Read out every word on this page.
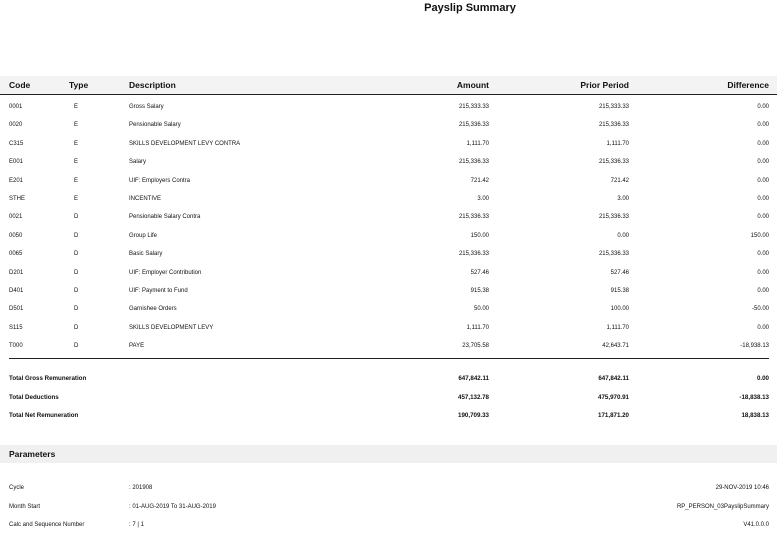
Payslip Summary
Code	Type	Description	Amount	Prior Period	Difference
0001	E	Gross Salary	215,333.33	215,333.33	0.00
0020	E	Pensionable Salary	215,336.33	215,336.33	0.00
C315	E	SKILLS DEVELOPMENT LEVY CONTRA	1,111.70	1,111.70	0.00
E001	E	Salary	215,336.33	215,336.33	0.00
E201	E	UIF: Employers Contra	721.42	721.42	0.00
STHE	E	INCENTIVE	3.00	3.00	0.00
0021	D	Pensionable Salary Contra	215,336.33	215,336.33	0.00
0050	D	Group Life	150.00	0.00	150.00
0065	D	Basic Salary	215,336.33	215,336.33	0.00
D201	D	UIF: Employer Contribution	527.46	527.46	0.00
D401	D	UIF: Payment to Fund	915.38	915.38	0.00
D501	D	Garnishee Orders	50.00	100.00	-50.00
S115	D	SKILLS DEVELOPMENT LEVY	1,111.70	1,111.70	0.00
T000	D	PAYE	23,705.58	42,643.71	-18,938.13
Total Gross Remuneration	647,842.11	647,842.11	0.00
Total Deductions	457,132.78	475,970.91	-18,838.13
Total Net Remuneration	190,709.33	171,871.20	18,838.13
Parameters
Cycle	: 201908	29-NOV-2019 10:46
Month Start	: 01-AUG-2019 To 31-AUG-2019	RP_PERSON_03PayslipSummary
Calc and Sequence Number	: 7 | 1	V41.0.0.0
